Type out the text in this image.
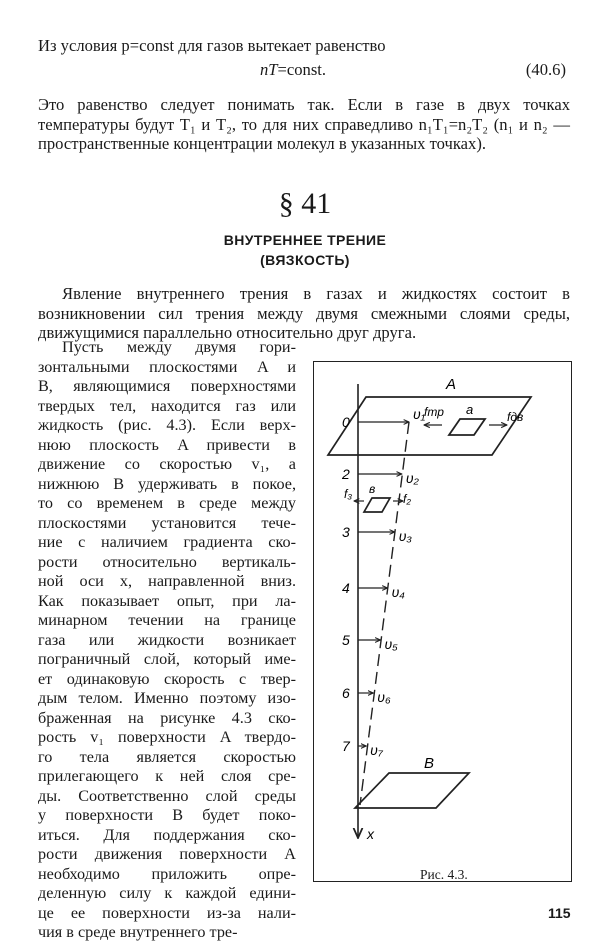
Из условия p=const для газов вытекает равенство
nT=const.	(40.6)
Это равенство следует понимать так. Если в газе в двух точках температуры будут T₁ и T₂, то для них справедливо n₁T₁=n₂T₂ (n₁ и n₂ — пространственные концентрации молекул в указанных точках).
§ 41
ВНУТРЕННЕЕ ТРЕНИЕ
(ВЯЗКОСТЬ)
Явление внутреннего трения в газах и жидкостях состоит в возникновении сил трения между двумя смежными слоями среды, движущимися параллельно относительно друг друга.
Пусть между двумя гори-
зонтальными плоскостями A и
B, являющимися поверхностями
твердых тел, находится газ или
жидкость (рис. 4.3). Если верх-
нюю плоскость A привести в
движение со скоростью v₁, а
нижнюю B удерживать в покое,
то со временем в среде между
плоскостями установится тече-
ние с наличием градиента ско-
рости относительно вертикаль-
ной оси x, направленной вниз.
Как показывает опыт, при ла-
минарном течении на границе
газа или жидкости возникает
пограничный слой, который име-
ет одинаковую скорость с твер-
дым телом. Именно поэтому изо-
браженная на рисунке 4.3 ско-
рость v₁ поверхности A твердо-
го тела является скоростью
прилегающего к ней слоя сре-
ды. Соответственно слой среды
у поверхности B будет поко-
иться. Для поддержания ско-
рости движения поверхности A
необходимо приложить опре-
деленную силу к каждой едини-
це ее поверхности из-за нали-
чия в среде внутреннего тре-
A
a
fтр	fдв
в
f₃	f₂
B
x
0	υ₁
2	υ₂
3	υ₃
4	υ₄
5 υ₅
6 υ₆
7 υ₇
Рис. 4.3.
115
